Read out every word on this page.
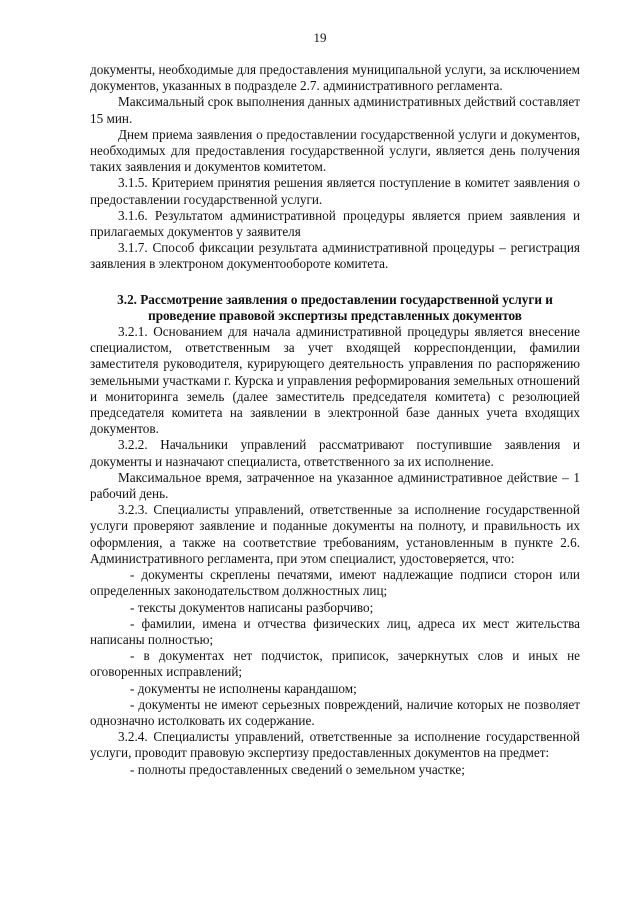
19

документы, необходимые для предоставления муниципальной услуги, за исключением документов, указанных в подразделе 2.7. административного регламента.

Максимальный срок выполнения данных административных действий составляет 15 мин.

Днем приема заявления о предоставлении государственной услуги и документов, необходимых для предоставления государственной услуги, является день получения таких заявления и документов комитетом.

3.1.5. Критерием принятия решения является поступление в комитет заявления о предоставлении государственной услуги.

3.1.6. Результатом административной процедуры является прием заявления и прилагаемых документов у заявителя

3.1.7. Способ фиксации результата административной процедуры – регистрация заявления в электроном документообороте комитета.

3.2. Рассмотрение заявления о предоставлении государственной услуги и проведение правовой экспертизы представленных документов

3.2.1. Основанием для начала административной процедуры является внесение специалистом, ответственным за учет входящей корреспонденции, фамилии заместителя руководителя, курирующего деятельность управления по распоряжению земельными участками г. Курска и управления реформирования земельных отношений и мониторинга земель (далее заместитель председателя комитета) с резолюцией председателя комитета на заявлении в электронной базе данных учета входящих документов.

3.2.2. Начальники управлений рассматривают поступившие заявления и документы и назначают специалиста, ответственного за их исполнение.

Максимальное время, затраченное на указанное административное действие – 1 рабочий день.

3.2.3. Специалисты управлений, ответственные за исполнение государственной услуги проверяют заявление и поданные документы на полноту, и правильность их оформления, а также на соответствие требованиям, установленным в пункте 2.6. Административного регламента, при этом специалист, удостоверяется, что:

- документы скреплены печатями, имеют надлежащие подписи сторон или определенных законодательством должностных лиц;

- тексты документов написаны разборчиво;

- фамилии, имена и отчества физических лиц, адреса их мест жительства написаны полностью;

- в документах нет подчисток, приписок, зачеркнутых слов и иных не оговоренных исправлений;

- документы не исполнены карандашом;

- документы не имеют серьезных повреждений, наличие которых не позволяет однозначно истолковать их содержание.

3.2.4. Специалисты управлений, ответственные за исполнение государственной услуги, проводит правовую экспертизу предоставленных документов на предмет:

- полноты предоставленных сведений о земельном участке;
